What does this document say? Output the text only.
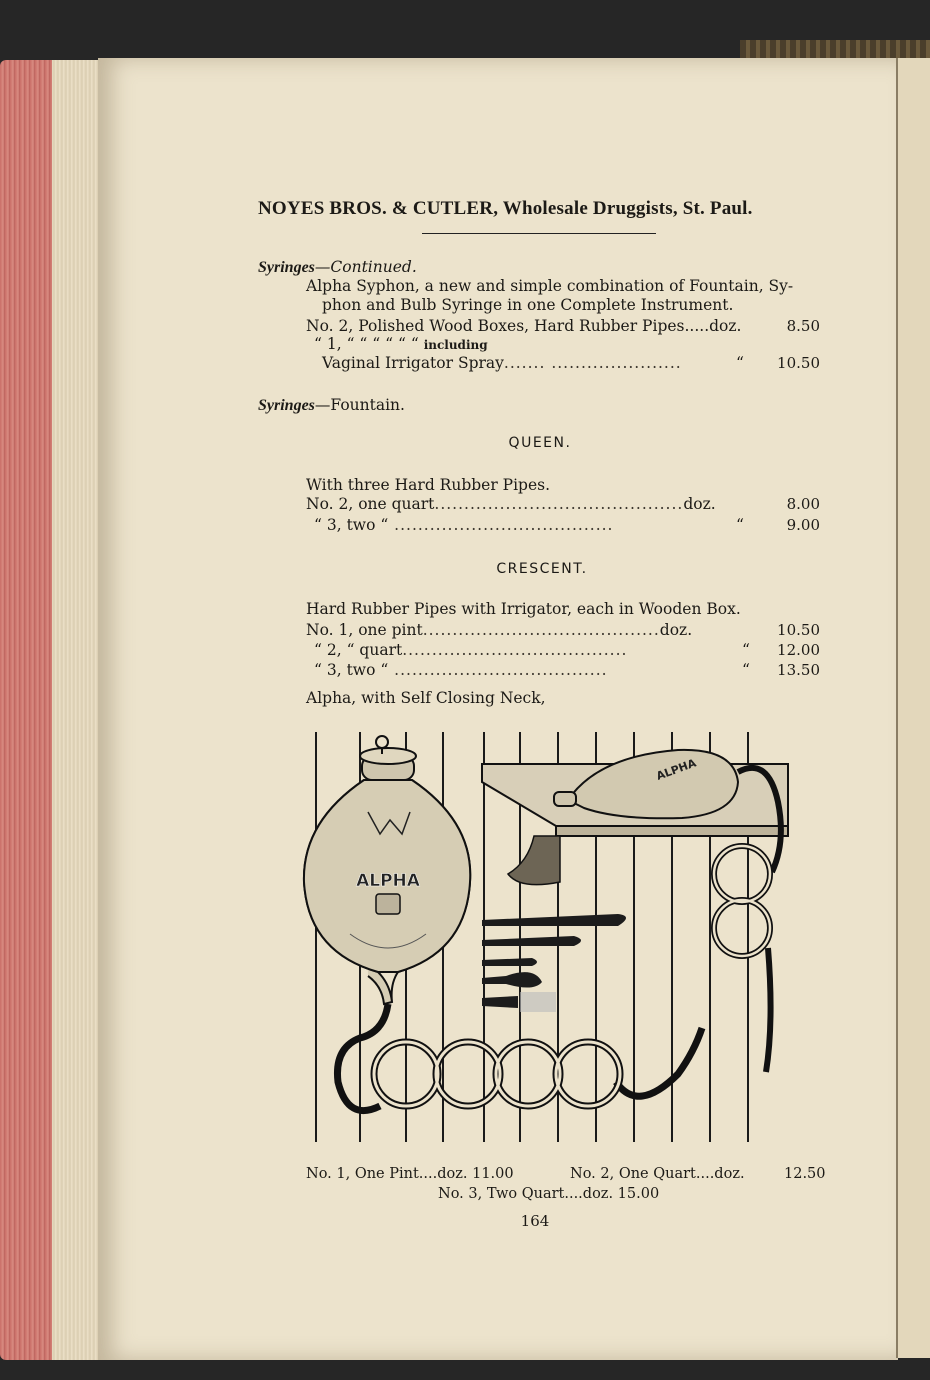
NOYES BROS. & CUTLER, Wholesale Druggists, St. Paul.
Syringes—Continued.
Alpha Syphon, a new and simple combination of Fountain, Sy-
phon and Bulb Syringe in one Complete Instrument.
No. 2, Polished Wood Boxes, Hard Rubber Pipes.....doz.	8.50
“ 1, “ “ “ “ “ “ including
Vaginal Irrigator Spray....... ......................	“	10.50
Syringes—Fountain.
QUEEN.
With three Hard Rubber Pipes.
No. 2, one quart..........................................doz.	8.00
“ 3, two “ .....................................	“	9.00
CRESCENT.
Hard Rubber Pipes with Irrigator, each in Wooden Box.
No. 1, one pint........................................doz.	10.50
“ 2, “ quart......................................	“	12.00
“ 3, two “ ....................................	“	13.50
Alpha, with Self Closing Neck,
ALPHA
ALPHA
No. 1, One Pint....doz. 11.00	No. 2, One Quart....doz.	12.50
No. 3, Two Quart....doz. 15.00
164
